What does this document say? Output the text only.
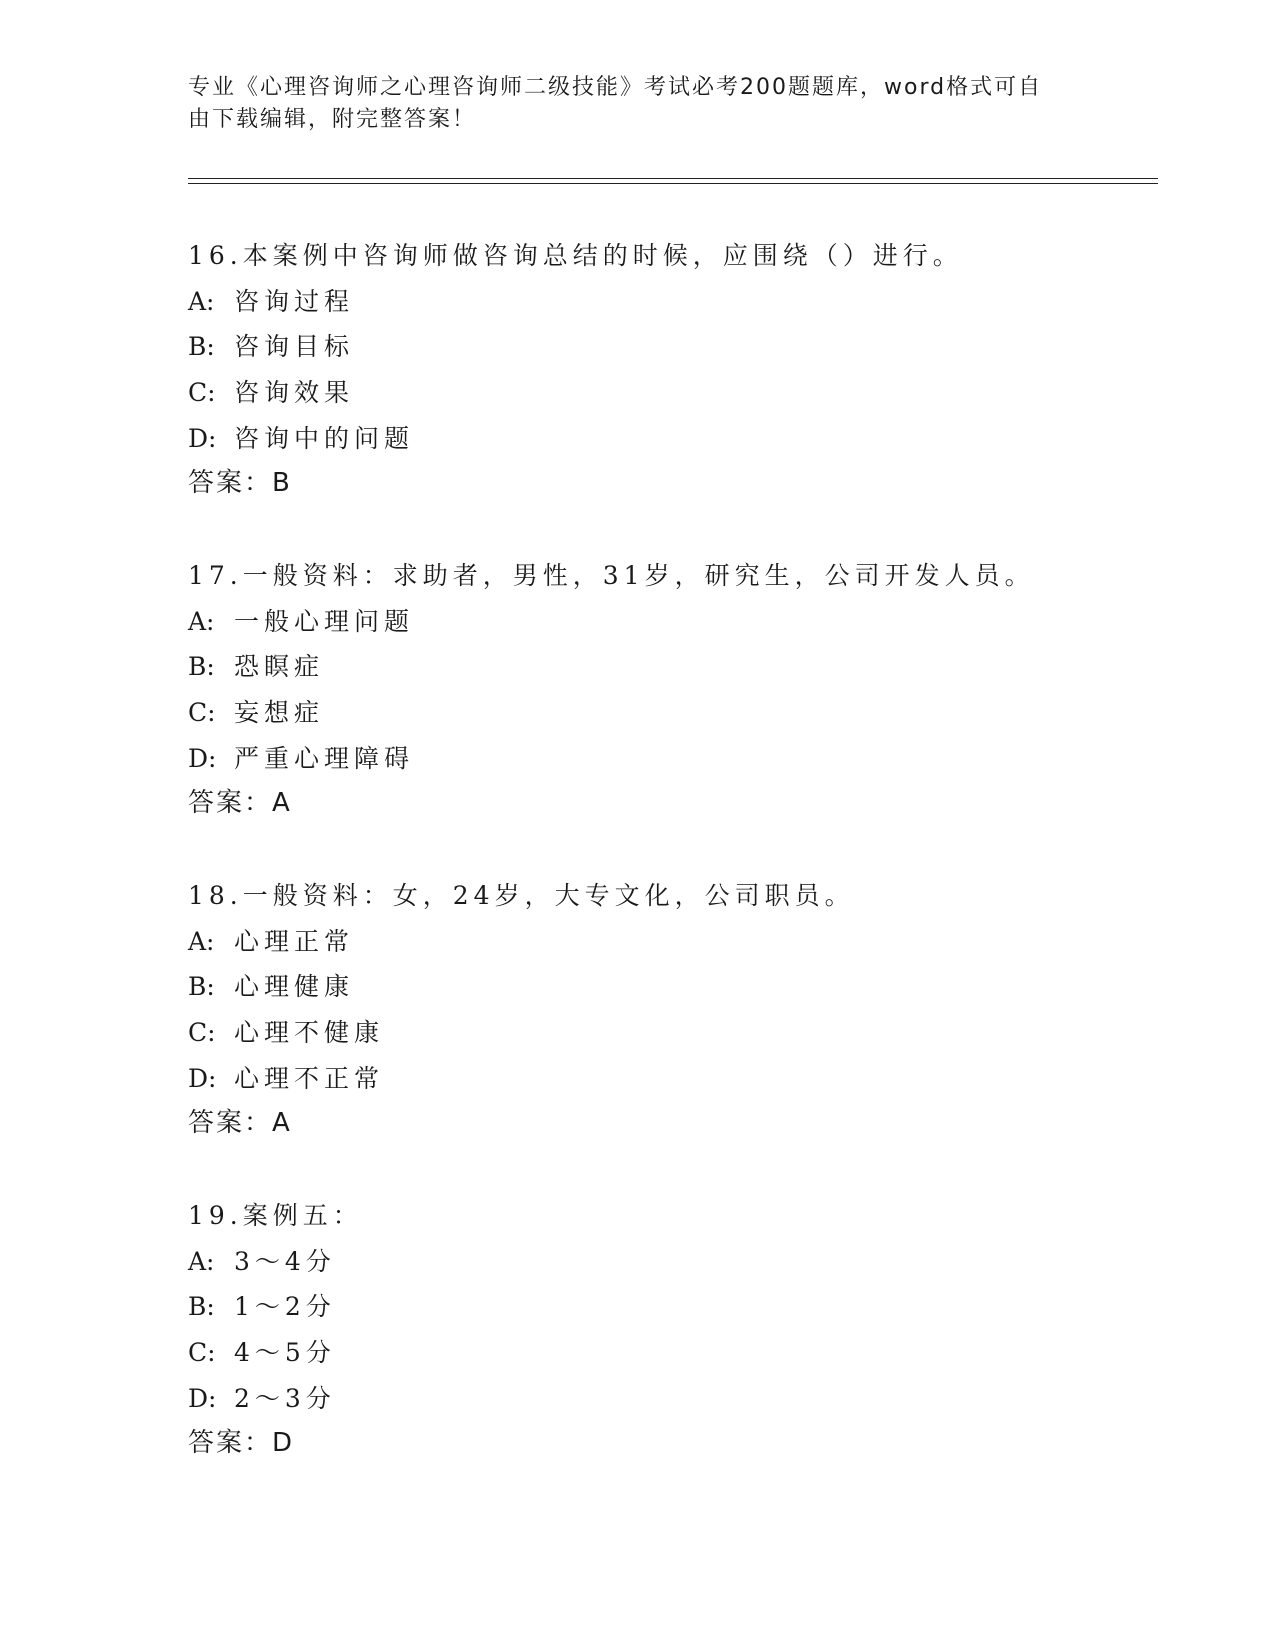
专业《心理咨询师之心理咨询师二级技能》考试必考200题题库，word格式可自
由下载编辑，附完整答案！
16.本案例中咨询师做咨询总结的时候，应围绕（）进行。
A: 咨询过程
B: 咨询目标
C: 咨询效果
D: 咨询中的问题
答案：B
17.一般资料：求助者，男性，31岁，研究生，公司开发人员。
A: 一般心理问题
B: 恐瞑症
C: 妄想症
D: 严重心理障碍
答案：A
18.一般资料：女，24岁，大专文化，公司职员。
A: 心理正常
B: 心理健康
C: 心理不健康
D: 心理不正常
答案：A
19.案例五：
A: 3～4分
B: 1～2分
C: 4～5分
D: 2～3分
答案：D
